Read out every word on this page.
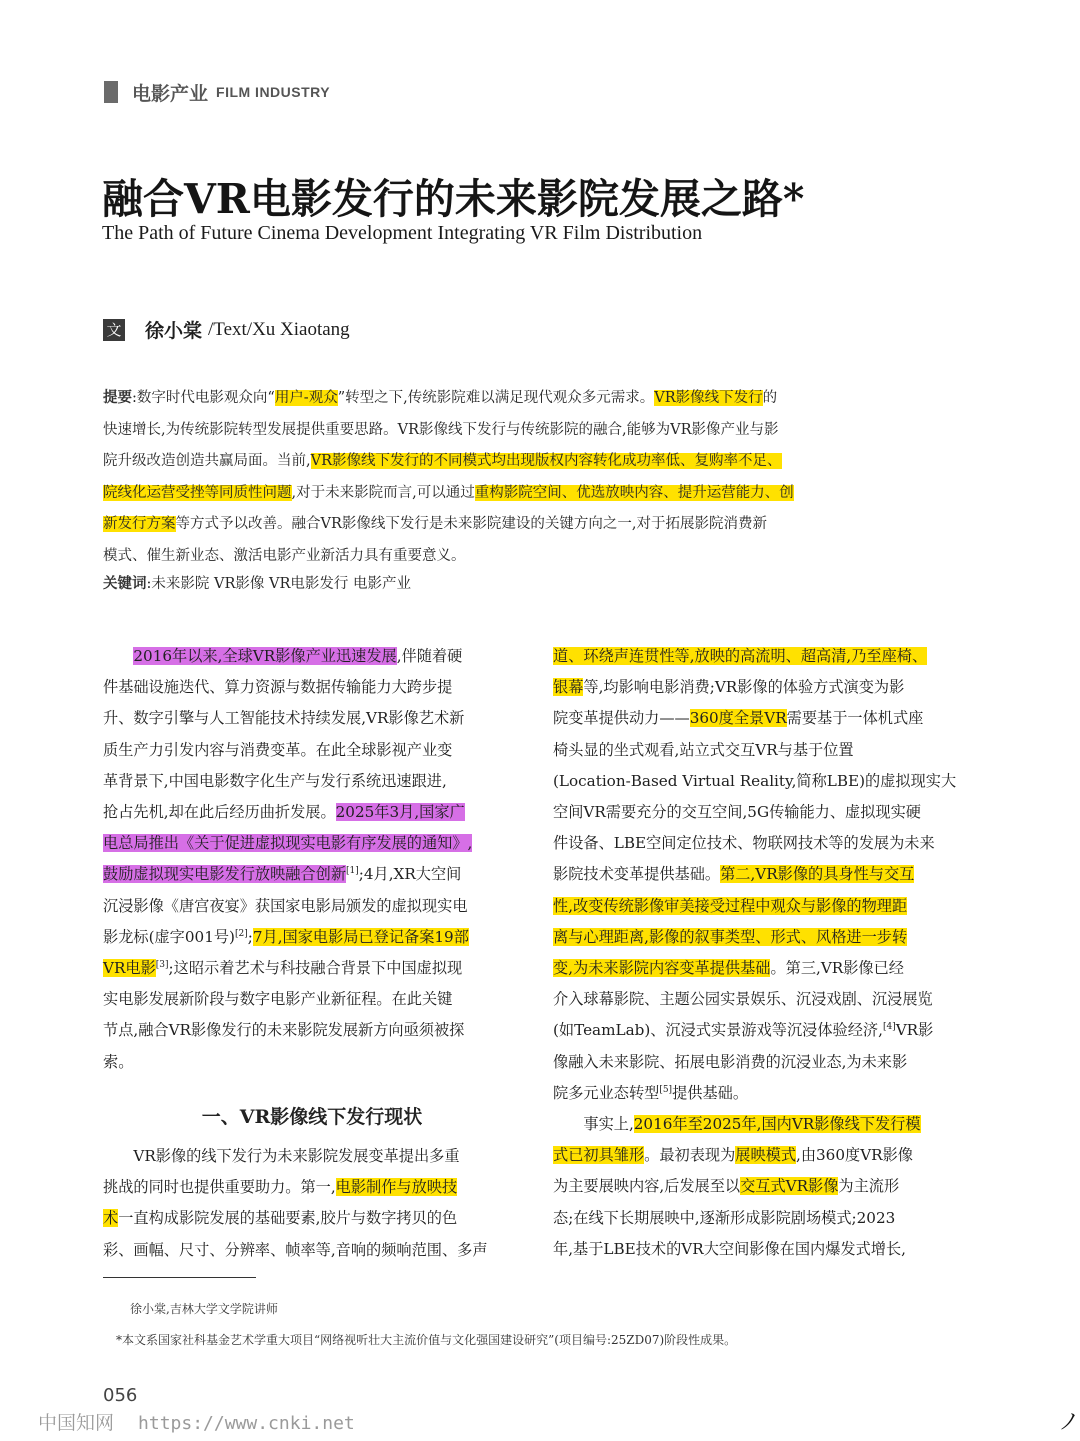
电影产业 FILM INDUSTRY
融合VR电影发行的未来影院发展之路*
The Path of Future Cinema Development Integrating VR Film Distribution
文 徐小棠 /Text/Xu Xiaotang
提要:数字时代电影观众向“用户-观众”转型之下,传统影院难以满足现代观众多元需求。VR影像线下发行的
快速增长,为传统影院转型发展提供重要思路。VR影像线下发行与传统影院的融合,能够为VR影像产业与影
院升级改造创造共赢局面。当前,VR影像线下发行的不同模式均出现版权内容转化成功率低、复购率不足、
院线化运营受挫等同质性问题,对于未来影院而言,可以通过重构影院空间、优选放映内容、提升运营能力、创
新发行方案等方式予以改善。融合VR影像线下发行是未来影院建设的关键方向之一,对于拓展影院消费新
模式、催生新业态、激活电影产业新活力具有重要意义。
关键词:未来影院 VR影像 VR电影发行 电影产业
　　2016年以来,全球VR影像产业迅速发展,伴随着硬
件基础设施迭代、算力资源与数据传输能力大跨步提
升、数字引擎与人工智能技术持续发展,VR影像艺术新
质生产力引发内容与消费变革。在此全球影视产业变
革背景下,中国电影数字化生产与发行系统迅速跟进,
抢占先机,却在此后经历曲折发展。2025年3月,国家广
电总局推出《关于促进虚拟现实电影有序发展的通知》,
鼓励虚拟现实电影发行放映融合创新[1];4月,XR大空间
沉浸影像《唐宫夜宴》获国家电影局颁发的虚拟现实电
影龙标(虚字001号)[2];7月,国家电影局已登记备案19部
VR电影[3];这昭示着艺术与科技融合背景下中国虚拟现
实电影发展新阶段与数字电影产业新征程。在此关键
节点,融合VR影像发行的未来影院发展新方向亟须被探
索。
一、VR影像线下发行现状
　　VR影像的线下发行为未来影院发展变革提出多重
挑战的同时也提供重要助力。第一,电影制作与放映技
术一直构成影院发展的基础要素,胶片与数字拷贝的色
彩、画幅、尺寸、分辨率、帧率等,音响的频响范围、多声
道、环绕声连贯性等,放映的高流明、超高清,乃至座椅、
银幕等,均影响电影消费;VR影像的体验方式演变为影
院变革提供动力——360度全景VR需要基于一体机式座
椅头显的坐式观看,站立式交互VR与基于位置
(Location-Based Virtual Reality,简称LBE)的虚拟现实大
空间VR需要充分的交互空间,5G传输能力、虚拟现实硬
件设备、LBE空间定位技术、物联网技术等的发展为未来
影院技术变革提供基础。第二,VR影像的具身性与交互
性,改变传统影像审美接受过程中观众与影像的物理距
离与心理距离,影像的叙事类型、形式、风格进一步转
变,为未来影院内容变革提供基础。第三,VR影像已经
介入球幕影院、主题公园实景娱乐、沉浸戏剧、沉浸展览
(如TeamLab)、沉浸式实景游戏等沉浸体验经济,[4]VR影
像融入未来影院、拓展电影消费的沉浸业态,为未来影
院多元业态转型[5]提供基础。
　　事实上,2016年至2025年,国内VR影像线下发行模
式已初具雏形。最初表现为展映模式,由360度VR影像
为主要展映内容,后发展至以交互式VR影像为主流形
态;在线下长期展映中,逐渐形成影院剧场模式;2023
年,基于LBE技术的VR大空间影像在国内爆发式增长,
徐小棠,吉林大学文学院讲师
*本文系国家社科基金艺术学重大项目“网络视听壮大主流价值与文化强国建设研究”(项目编号:25ZD07)阶段性成果。
056
中国知网 https://www.cnki.net	ノ
